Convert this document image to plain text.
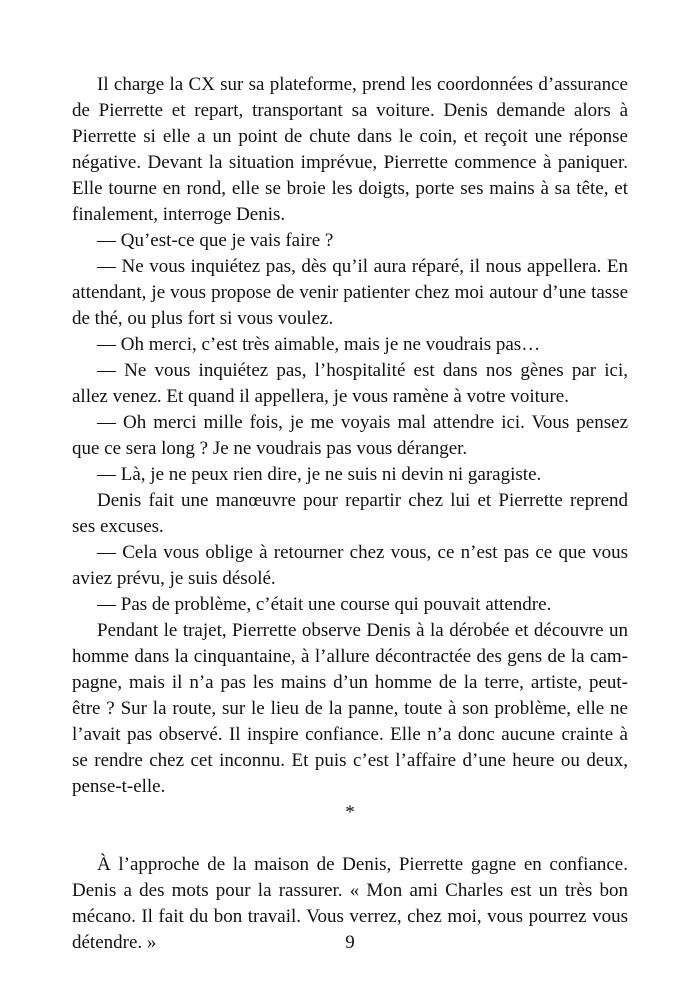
Il charge la CX sur sa plateforme, prend les coordonnées d’assurance de Pierrette et repart, transportant sa voiture. Denis demande alors à Pierrette si elle a un point de chute dans le coin, et reçoit une réponse négative. Devant la situation imprévue, Pierrette commence à paniquer. Elle tourne en rond, elle se broie les doigts, porte ses mains à sa tête, et finalement, interroge Denis.

— Qu’est-ce que je vais faire ?

— Ne vous inquiétez pas, dès qu’il aura réparé, il nous appellera. En attendant, je vous propose de venir patienter chez moi autour d’une tasse de thé, ou plus fort si vous voulez.

— Oh merci, c’est très aimable, mais je ne voudrais pas…

— Ne vous inquiétez pas, l’hospitalité est dans nos gènes par ici, allez venez. Et quand il appellera, je vous ramène à votre voiture.

— Oh merci mille fois, je me voyais mal attendre ici. Vous pensez que ce sera long ? Je ne voudrais pas vous déranger.

— Là, je ne peux rien dire, je ne suis ni devin ni garagiste.

Denis fait une manœuvre pour repartir chez lui et Pierrette reprend ses excuses.

— Cela vous oblige à retourner chez vous, ce n’est pas ce que vous aviez prévu, je suis désolé.

— Pas de problème, c’était une course qui pouvait attendre.

Pendant le trajet, Pierrette observe Denis à la dérobée et découvre un homme dans la cinquantaine, à l’allure décontractée des gens de la campagne, mais il n’a pas les mains d’un homme de la terre, artiste, peut-être ? Sur la route, sur le lieu de la panne, toute à son problème, elle ne l’avait pas observé. Il inspire confiance. Elle n’a donc aucune crainte à se rendre chez cet inconnu. Et puis c’est l’affaire d’une heure ou deux, pense-t-elle.

*

À l’approche de la maison de Denis, Pierrette gagne en confiance. Denis a des mots pour la rassurer. « Mon ami Charles est un très bon mécano. Il fait du bon travail. Vous verrez, chez moi, vous pourrez vous détendre. »	9
